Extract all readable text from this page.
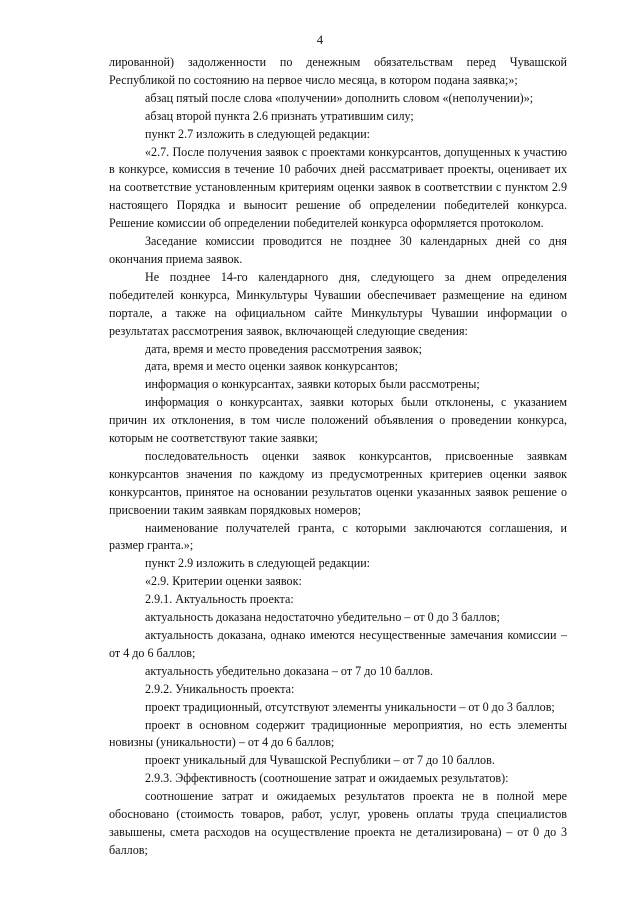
4

лированной) задолженности по денежным обязательствам перед Чувашской Республикой по состоянию на первое число месяца, в котором подана заявка;»;

абзац пятый после слова «получении» дополнить словом «(неполучении)»;

абзац второй пункта 2.6 признать утратившим силу;

пункт 2.7 изложить в следующей редакции:

«2.7. После получения заявок с проектами конкурсантов, допущенных к участию в конкурсе, комиссия в течение 10 рабочих дней рассматривает проекты, оценивает их на соответствие установленным критериям оценки заявок в соответствии с пунктом 2.9 настоящего Порядка и выносит решение об определении победителей конкурса. Решение комиссии об определении победителей конкурса оформляется протоколом.

Заседание комиссии проводится не позднее 30 календарных дней со дня окончания приема заявок.

Не позднее 14-го календарного дня, следующего за днем определения победителей конкурса, Минкультуры Чувашии обеспечивает размещение на едином портале, а также на официальном сайте Минкультуры Чувашии информации о результатах рассмотрения заявок, включающей следующие сведения:

дата, время и место проведения рассмотрения заявок;

дата, время и место оценки заявок конкурсантов;

информация о конкурсантах, заявки которых были рассмотрены;

информация о конкурсантах, заявки которых были отклонены, с указанием причин их отклонения, в том числе положений объявления о проведении конкурса, которым не соответствуют такие заявки;

последовательность оценки заявок конкурсантов, присвоенные заявкам конкурсантов значения по каждому из предусмотренных критериев оценки заявок конкурсантов, принятое на основании результатов оценки указанных заявок решение о присвоении таким заявкам порядковых номеров;

наименование получателей гранта, с которыми заключаются соглашения, и размер гранта.»;

пункт 2.9 изложить в следующей редакции:

«2.9. Критерии оценки заявок:

2.9.1. Актуальность проекта:

актуальность доказана недостаточно убедительно – от 0 до 3 баллов;

актуальность доказана, однако имеются несущественные замечания комиссии – от 4 до 6 баллов;

актуальность убедительно доказана – от 7 до 10 баллов.

2.9.2. Уникальность проекта:

проект традиционный, отсутствуют элементы уникальности – от 0 до 3 баллов;

проект в основном содержит традиционные мероприятия, но есть элементы новизны (уникальности) – от 4 до 6 баллов;

проект уникальный для Чувашской Республики – от 7 до 10 баллов.

2.9.3. Эффективность (соотношение затрат и ожидаемых результатов):

соотношение затрат и ожидаемых результатов проекта не в полной мере обосновано (стоимость товаров, работ, услуг, уровень оплаты труда специалистов завышены, смета расходов на осуществление проекта не детализирована) – от 0 до 3 баллов;
